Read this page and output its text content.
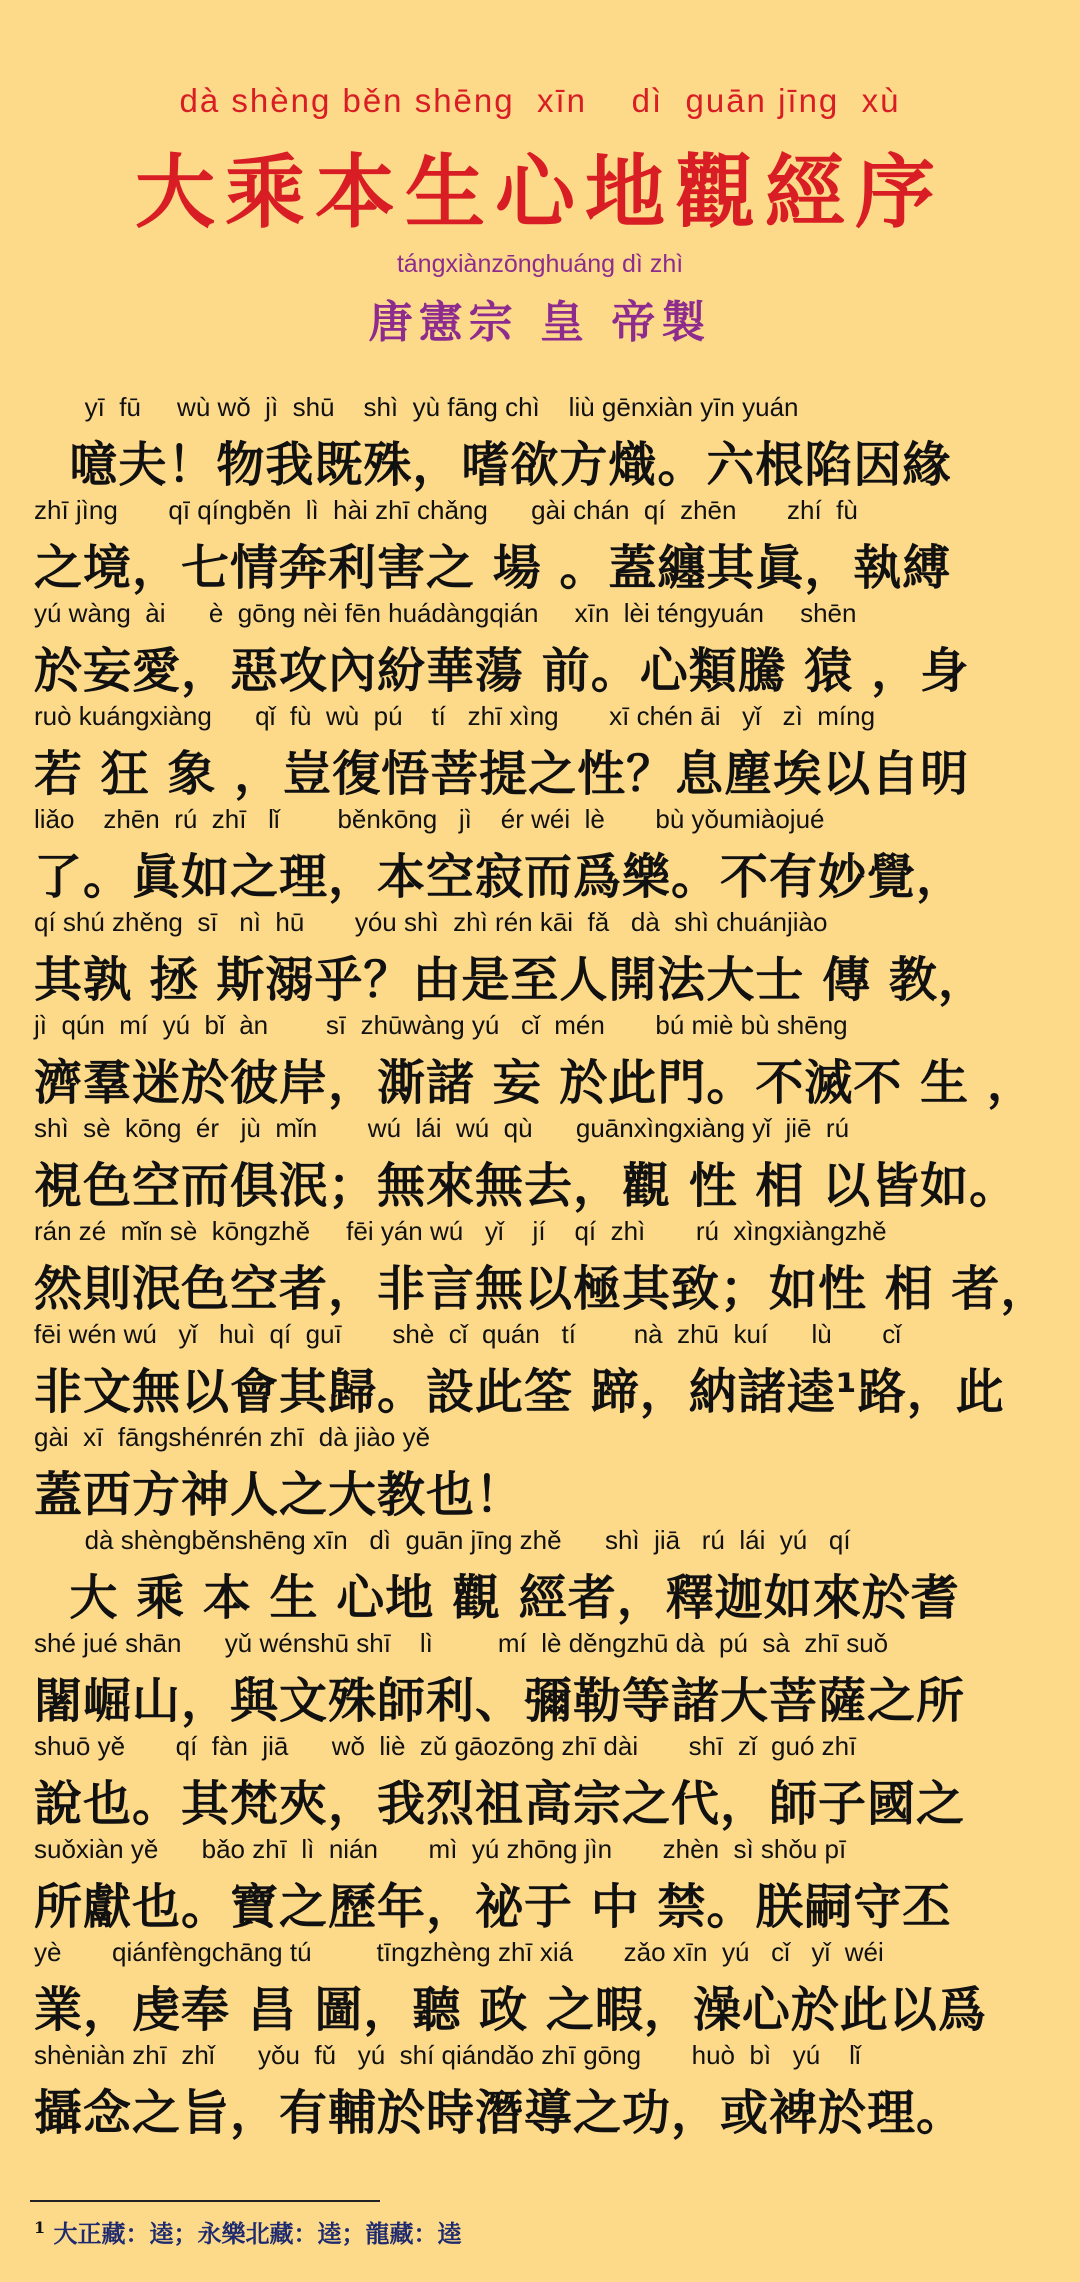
dà shèng běn shēng  xīn    dì  guān jīng  xù
大乘本生心地觀經序
tángxiànzōnghuáng dì zhì
唐憲宗 皇 帝製
yī  fū     wù wǒ  jì  shū    shì  yù fāng chì    liù gēnxiàn yīn yuán
噫夫！物我既殊，嗜欲方熾。六根陷因緣
zhī jìng       qī qíngběn  lì  hài zhī chǎng      gài chán  qí  zhēn       zhí  fù
之境，七情奔利害之 場 。蓋纏其眞，執縛
yú wàng  ài      è  gōng nèi fēn huádàngqián     xīn  lèi téngyuán     shēn
於妄愛，惡攻內紛華蕩 前。心類騰 猿 ，身
ruò kuángxiàng      qǐ  fù  wù  pú    tí   zhī xìng       xī chén āi   yǐ   zì  míng
若 狂 象 ，豈復悟菩提之性？息塵埃以自明
liǎo    zhēn  rú  zhī   lǐ        běnkōng   jì    ér wéi  lè       bù yǒumiàojué
了。眞如之理，本空寂而爲樂。不有妙覺，
qí shú zhěng  sī   nì  hū       yóu shì  zhì rén kāi  fǎ   dà  shì chuánjiào
其孰 拯 斯溺乎？由是至人開法大士 傳 教，
jì  qún  mí  yú  bǐ  àn        sī  zhūwàng yú   cǐ  mén       bú miè bù shēng
濟羣迷於彼岸，澌諸 妄 於此門。不滅不 生 ，
shì  sè  kōng  ér   jù  mǐn       wú  lái  wú  qù      guānxìngxiàng yǐ  jiē  rú
視色空而俱泯；無來無去，觀 性 相 以皆如。
rán zé  mǐn sè  kōngzhě     fēi yán wú   yǐ    jí    qí  zhì       rú  xìngxiàngzhě
然則泯色空者，非言無以極其致；如性 相 者，
fēi wén wú   yǐ   huì  qí  guī       shè  cǐ  quán   tí        nà  zhū  kuí      lù       cǐ
非文無以會其歸。設此筌 蹄，納諸逵¹路，此
gài  xī  fāngshénrén zhī  dà jiào yě
蓋西方神人之大教也！
dà shèngběnshēng xīn   dì  guān jīng zhě      shì  jiā   rú  lái  yú   qí
大 乘 本 生 心地 觀 經者，釋迦如來於耆
shé jué shān      yǔ wénshū shī    lì         mí  lè děngzhū dà  pú  sà  zhī suǒ
闍崛山，與文殊師利、彌勒等諸大菩薩之所
shuō yě       qí  fàn  jiā      wǒ  liè  zǔ gāozōng zhī dài       shī  zǐ  guó zhī
說也。其梵夾，我烈祖高宗之代，師子國之
suǒxiàn yě      bǎo zhī  lì  nián       mì  yú zhōng jìn       zhèn  sì shǒu pī
所獻也。寶之歷年，祕于 中 禁。朕嗣守丕
yè       qiánfèngchāng tú         tīngzhèng zhī xiá       zǎo xīn  yú   cǐ   yǐ  wéi
業，虔奉 昌 圖，聽 政 之暇，澡心於此以爲
shèniàn zhī  zhǐ      yǒu  fǔ   yú  shí qiándǎo zhī gōng       huò  bì   yú    lǐ
攝念之旨，有輔於時潛導之功，或裨於理。
$^1$ 大正藏：逵；永樂北藏：逵；龍藏：逵
